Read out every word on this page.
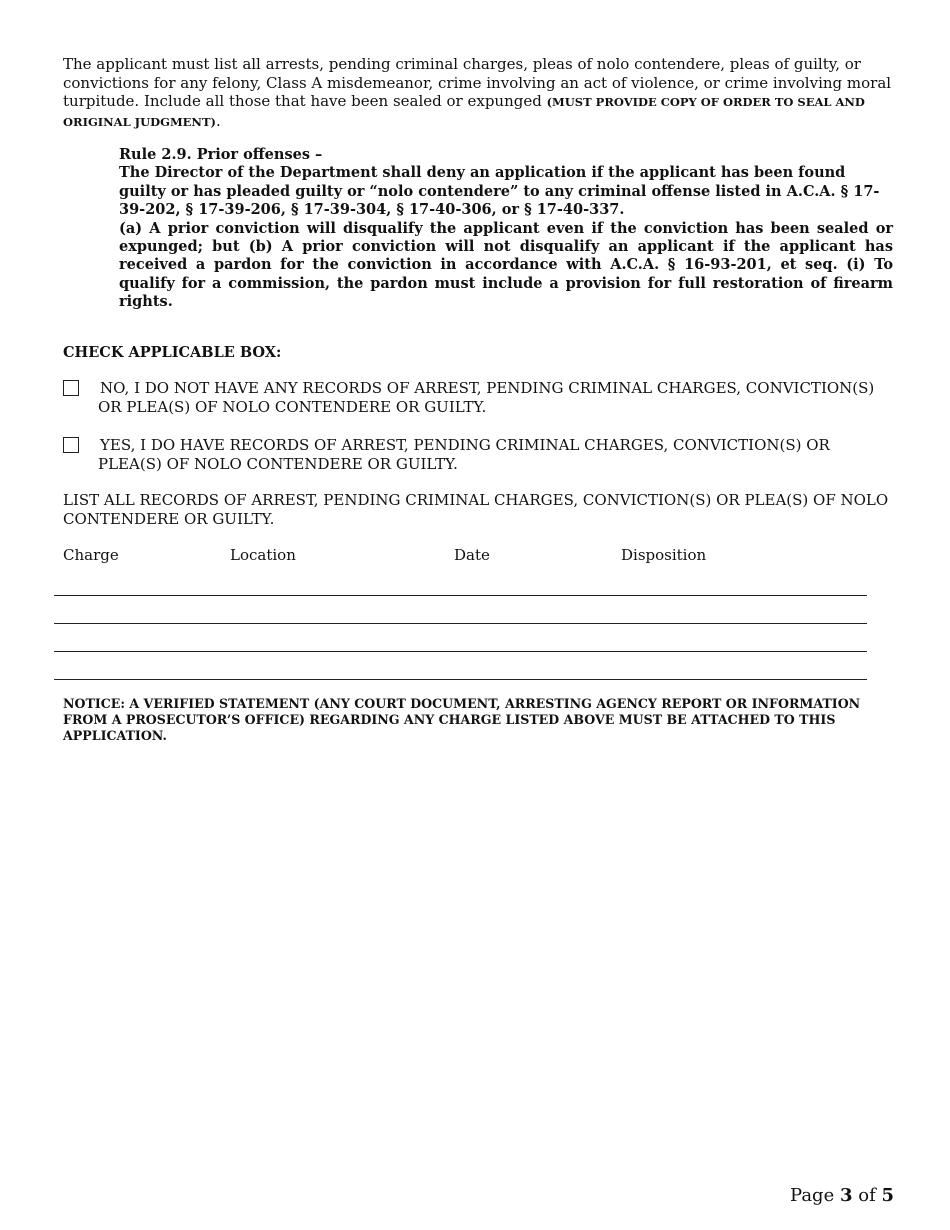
The applicant must list all arrests, pending criminal charges, pleas of nolo contendere, pleas of guilty, or convictions for any felony, Class A misdemeanor, crime involving an act of violence, or crime involving moral turpitude. Include all those that have been sealed or expunged (MUST PROVIDE COPY OF ORDER TO SEAL AND ORIGINAL JUDGMENT).

Rule 2.9. Prior offenses –

The Director of the Department shall deny an application if the applicant has been found guilty or has pleaded guilty or “nolo contendere” to any criminal offense listed in A.C.A. § 17-39-202, § 17-39-206, § 17-39-304, § 17-40-306, or § 17-40-337.

(a) A prior conviction will disqualify the applicant even if the conviction has been sealed or expunged; but (b) A prior conviction will not disqualify an applicant if the applicant has received a pardon for the conviction in accordance with A.C.A. § 16-93-201, et seq. (i) To qualify for a commission, the pardon must include a provision for full restoration of firearm rights.

CHECK APPLICABLE BOX:
NO, I DO NOT HAVE ANY RECORDS OF ARREST, PENDING CRIMINAL CHARGES, CONVICTION(S) OR PLEA(S) OF NOLO CONTENDERE OR GUILTY.
YES, I DO HAVE RECORDS OF ARREST, PENDING CRIMINAL CHARGES, CONVICTION(S) OR PLEA(S) OF NOLO CONTENDERE OR GUILTY.
LIST ALL RECORDS OF ARREST, PENDING CRIMINAL CHARGES, CONVICTION(S) OR PLEA(S) OF NOLO CONTENDERE OR GUILTY.
Charge	Location	Date	Disposition
NOTICE: A VERIFIED STATEMENT (ANY COURT DOCUMENT, ARRESTING AGENCY REPORT OR INFORMATION FROM A PROSECUTOR’S OFFICE) REGARDING ANY CHARGE LISTED ABOVE MUST BE ATTACHED TO THIS APPLICATION.
Page 3 of 5
